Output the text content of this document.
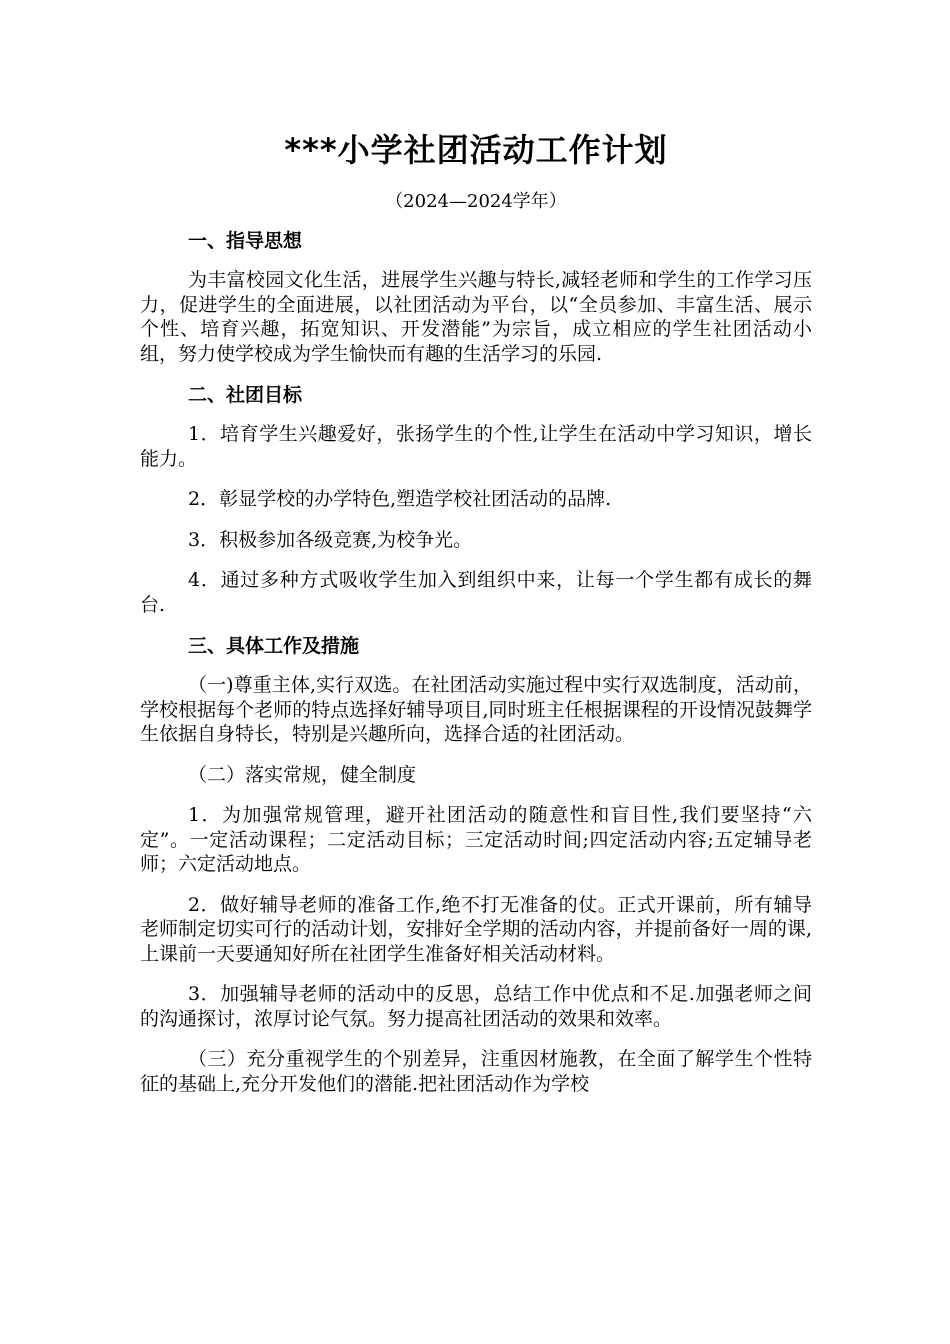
***小学社团活动工作计划

（2024—2024学年）

一、指导思想

为丰富校园文化生活，进展学生兴趣与特长,减轻老师和学生的工作学习压力，促进学生的全面进展，以社团活动为平台，以“全员参加、丰富生活、展示个性、培育兴趣，拓宽知识、开发潜能”为宗旨，成立相应的学生社团活动小组，努力使学校成为学生愉快而有趣的生活学习的乐园.

二、社团目标

1．培育学生兴趣爱好，张扬学生的个性,让学生在活动中学习知识，增长能力。

2．彰显学校的办学特色,塑造学校社团活动的品牌.

3．积极参加各级竞赛,为校争光。

4．通过多种方式吸收学生加入到组织中来，让每一个学生都有成长的舞台.

三、具体工作及措施

（一)尊重主体,实行双选。在社团活动实施过程中实行双选制度，活动前，学校根据每个老师的特点选择好辅导项目,同时班主任根据课程的开设情况鼓舞学生依据自身特长，特别是兴趣所向，选择合适的社团活动。

（二）落实常规，健全制度

1．为加强常规管理，避开社团活动的随意性和盲目性,我们要坚持“六定”。一定活动课程；二定活动目标；三定活动时间;四定活动内容;五定辅导老师；六定活动地点。

2．做好辅导老师的准备工作,绝不打无准备的仗。正式开课前，所有辅导老师制定切实可行的活动计划，安排好全学期的活动内容，并提前备好一周的课,上课前一天要通知好所在社团学生准备好相关活动材料。

3．加强辅导老师的活动中的反思，总结工作中优点和不足.加强老师之间的沟通探讨，浓厚讨论气氛。努力提高社团活动的效果和效率。

（三）充分重视学生的个别差异，注重因材施教，在全面了解学生个性特征的基础上,充分开发他们的潜能.把社团活动作为学校
